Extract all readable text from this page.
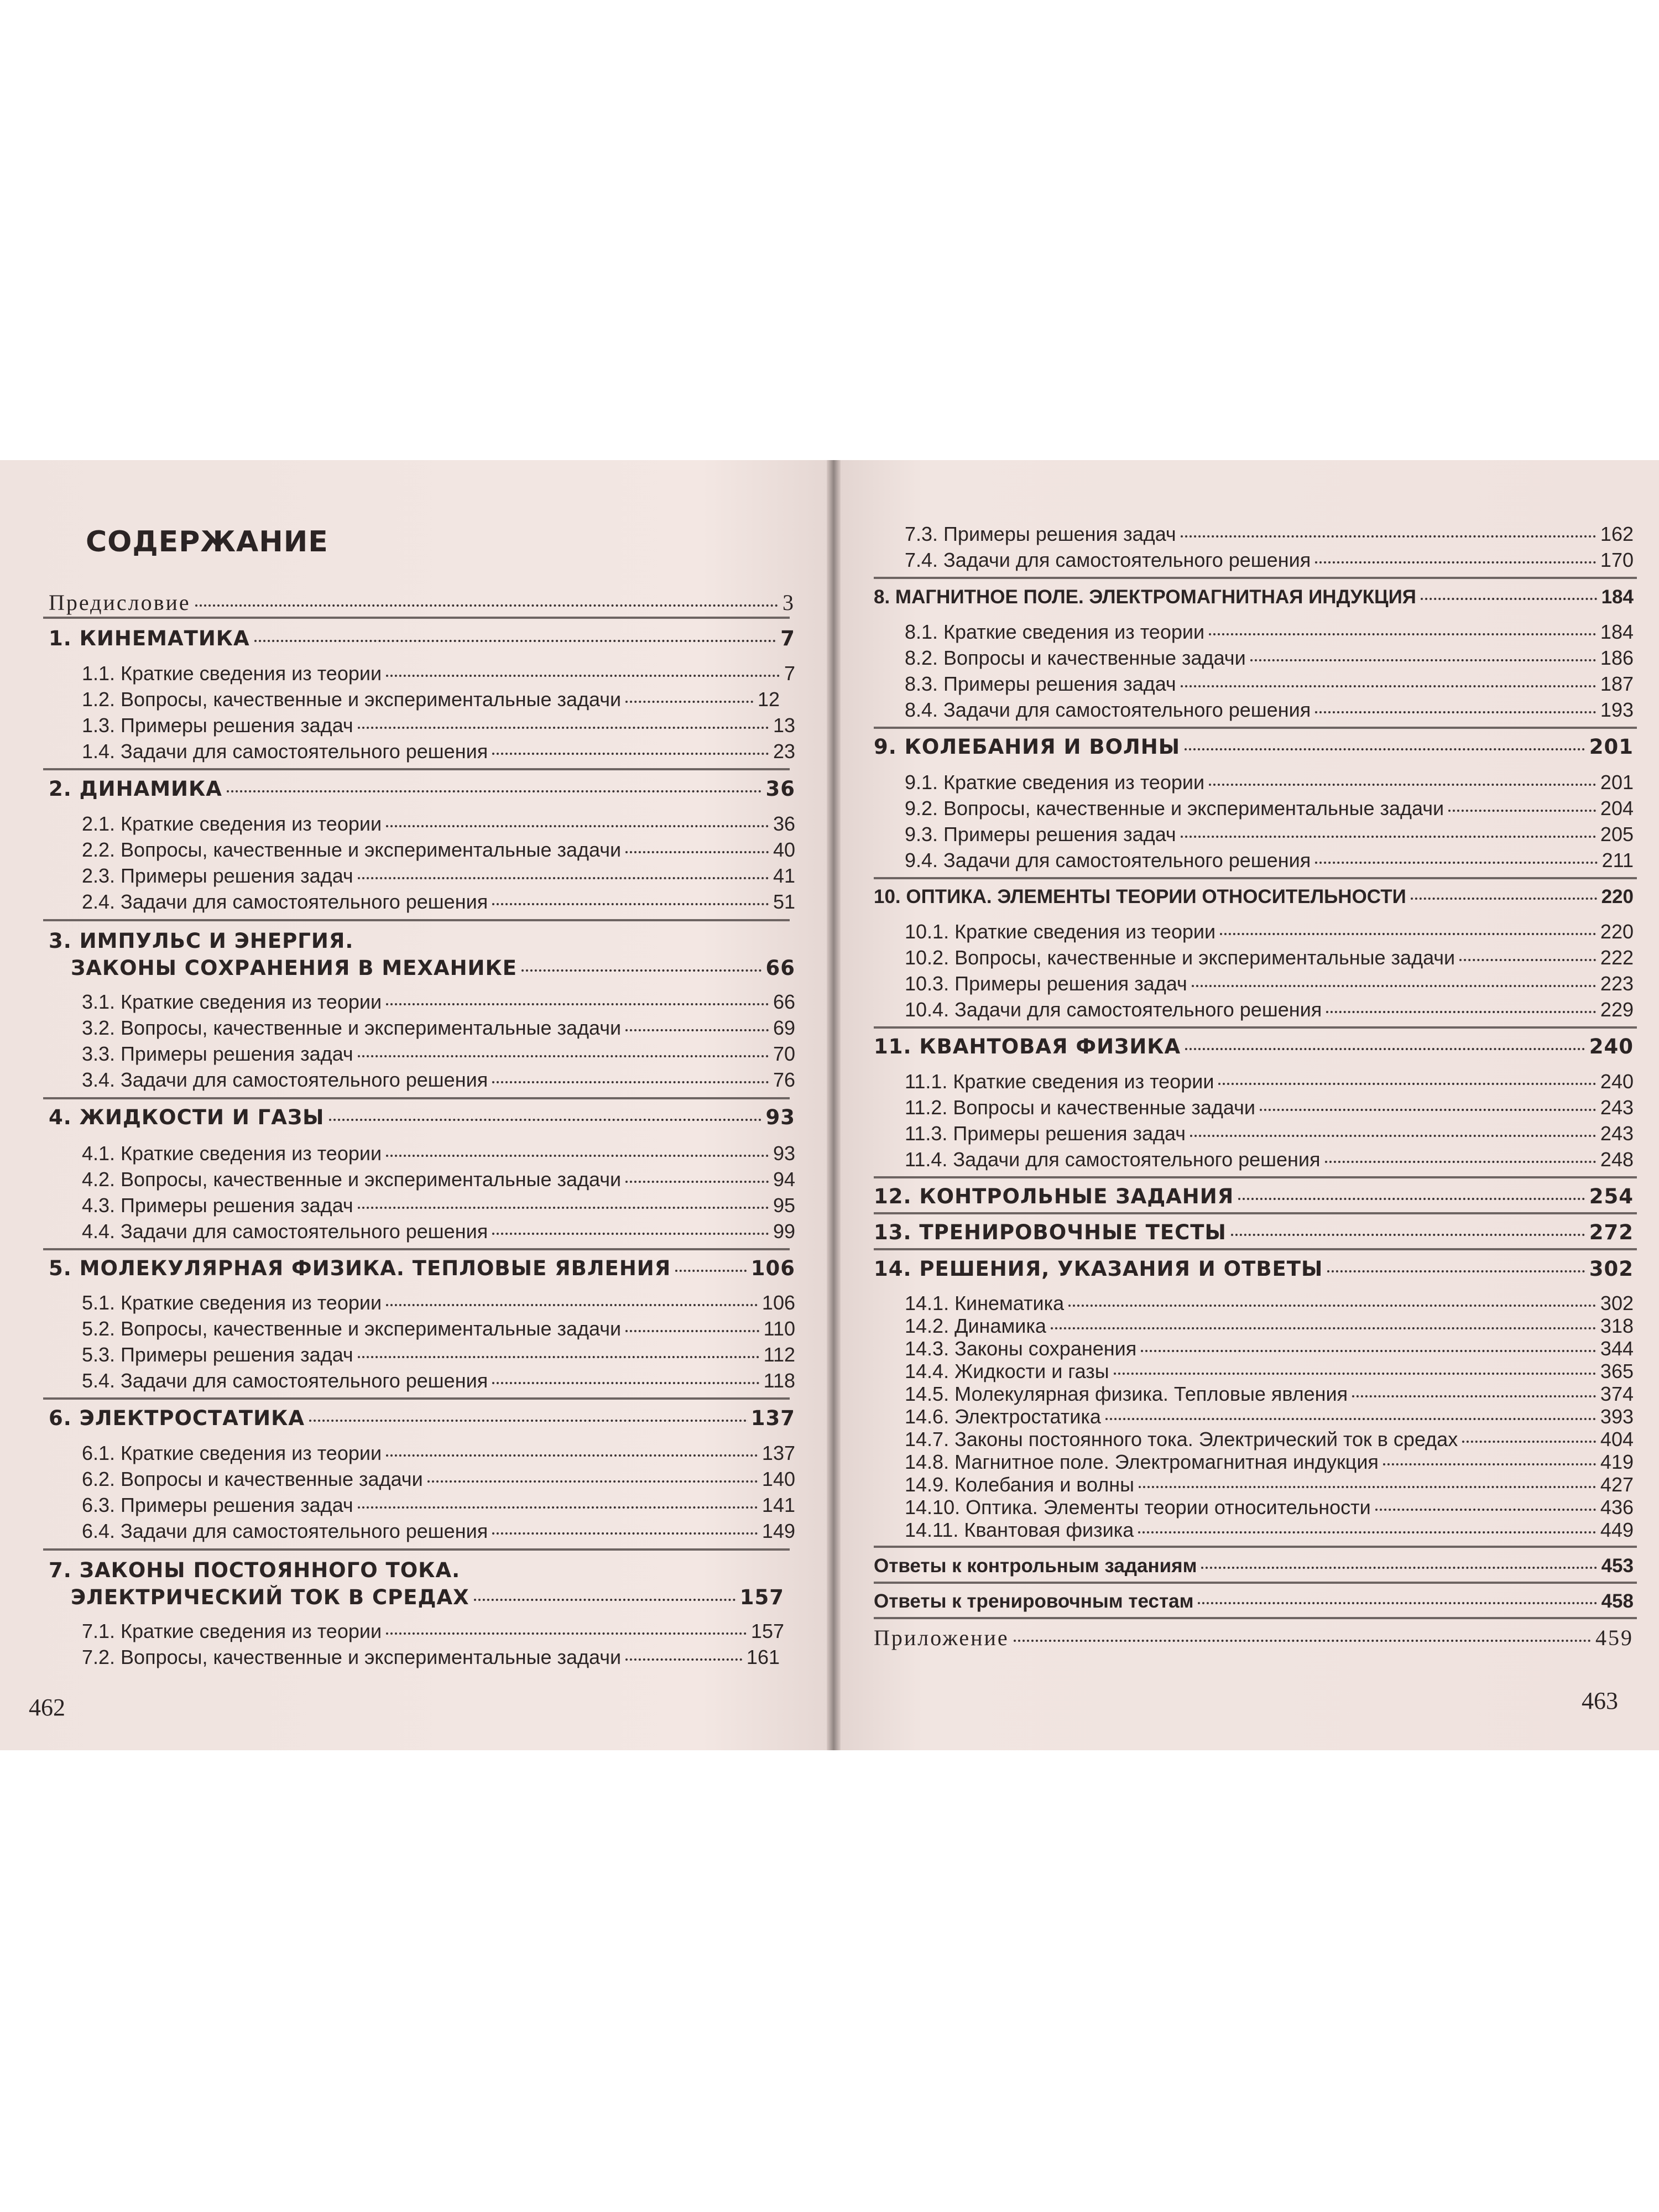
СОДЕРЖАНИЕ
Предисловие	3
1. КИНЕМАТИКА	7
1.1. Краткие сведения из теории	7
1.2. Вопросы, качественные и экспериментальные задачи	12
1.3. Примеры решения задач	13
1.4. Задачи для самостоятельного решения	23
2. ДИНАМИКА	36
2.1. Краткие сведения из теории	36
2.2. Вопросы, качественные и экспериментальные задачи	40
2.3. Примеры решения задач	41
2.4. Задачи для самостоятельного решения	51
3. ИМПУЛЬС И ЭНЕРГИЯ.
ЗАКОНЫ СОХРАНЕНИЯ В МЕХАНИКЕ	66
3.1. Краткие сведения из теории	66
3.2. Вопросы, качественные и экспериментальные задачи	69
3.3. Примеры решения задач	70
3.4. Задачи для самостоятельного решения	76
4. ЖИДКОСТИ И ГАЗЫ	93
4.1. Краткие сведения из теории	93
4.2. Вопросы, качественные и экспериментальные задачи	94
4.3. Примеры решения задач	95
4.4. Задачи для самостоятельного решения	99
5. МОЛЕКУЛЯРНАЯ ФИЗИКА. ТЕПЛОВЫЕ ЯВЛЕНИЯ	106
5.1. Краткие сведения из теории	106
5.2. Вопросы, качественные и экспериментальные задачи	110
5.3. Примеры решения задач	112
5.4. Задачи для самостоятельного решения	118
6. ЭЛЕКТРОСТАТИКА	137
6.1. Краткие сведения из теории	137
6.2. Вопросы и качественные задачи	140
6.3. Примеры решения задач	141
6.4. Задачи для самостоятельного решения	149
7. ЗАКОНЫ ПОСТОЯННОГО ТОКА.
ЭЛЕКТРИЧЕСКИЙ ТОК В СРЕДАХ	157
7.1. Краткие сведения из теории	157
7.2. Вопросы, качественные и экспериментальные задачи	161
462
7.3. Примеры решения задач	162
7.4. Задачи для самостоятельного решения	170
8. МАГНИТНОЕ ПОЛЕ. ЭЛЕКТРОМАГНИТНАЯ ИНДУКЦИЯ	184
8.1. Краткие сведения из теории	184
8.2. Вопросы и качественные задачи	186
8.3. Примеры решения задач	187
8.4. Задачи для самостоятельного решения	193
9. КОЛЕБАНИЯ И ВОЛНЫ	201
9.1. Краткие сведения из теории	201
9.2. Вопросы, качественные и экспериментальные задачи	204
9.3. Примеры решения задач	205
9.4. Задачи для самостоятельного решения	211
10. ОПТИКА. ЭЛЕМЕНТЫ ТЕОРИИ ОТНОСИТЕЛЬНОСТИ	220
10.1. Краткие сведения из теории	220
10.2. Вопросы, качественные и экспериментальные задачи	222
10.3. Примеры решения задач	223
10.4. Задачи для самостоятельного решения	229
11. КВАНТОВАЯ ФИЗИКА	240
11.1. Краткие сведения из теории	240
11.2. Вопросы и качественные задачи	243
11.3. Примеры решения задач	243
11.4. Задачи для самостоятельного решения	248
12. КОНТРОЛЬНЫЕ ЗАДАНИЯ	254
13. ТРЕНИРОВОЧНЫЕ ТЕСТЫ	272
14. РЕШЕНИЯ, УКАЗАНИЯ И ОТВЕТЫ	302
14.1. Кинематика	302
14.2. Динамика	318
14.3. Законы сохранения	344
14.4. Жидкости и газы	365
14.5. Молекулярная физика. Тепловые явления	374
14.6. Электростатика	393
14.7. Законы постоянного тока. Электрический ток в средах	404
14.8. Магнитное поле. Электромагнитная индукция	419
14.9. Колебания и волны	427
14.10. Оптика. Элементы теории относительности	436
14.11. Квантовая физика	449
Ответы к контрольным заданиям	453
Ответы к тренировочным тестам	458
Приложение	459
463
